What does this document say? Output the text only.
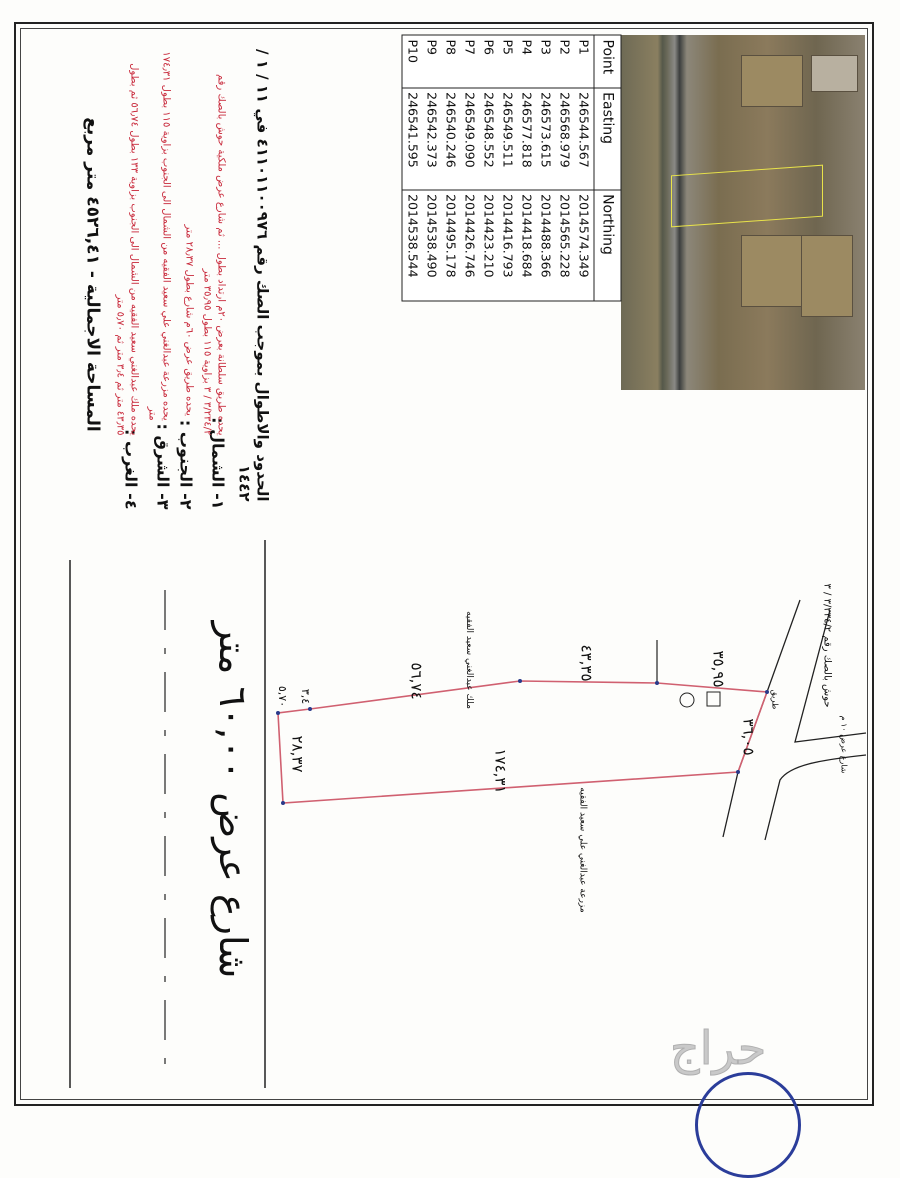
Point	Easting	Northing
P1	246544.567	2014574.349
P2	246568.979	2014565.228
P3	246573.615	2014488.366
P4	246577.818	2014418.684
P5	246549.511	2014416.793
P6	246548.552	2014423.210
P7	246549.090	2014426.746
P8	246540.246	2014495.178
P9	246542.373	2014538.490
P10	246541.595	2014538.544
الحدود والاطوال بموجب الصك رقم ٤١١٠١١٠٠٩٧٦ في ١١ / ١ / ١٤٤٢
١- الشمال :
يحده طريق سلطانة بعرض ٢٠م ارتداد بطول ... ثم شارع عرض ملكية حوش بالصك رقم ٣/٢٣٤/٢ / ٣ بزاوية ١١٥ بطول ٣٥٫٩٥ متر
٢- الجنوب :
يحده طريق عرض ٦٠م شارع بطول ٢٨٫٣٧ متر
٣- الشرق :
يحده مزرعة عبدالغني علي سعيد الفقيه من الشمال الى الجنوب بزاوية ١١٥ بطول ١٧٤٫٣١ متر
٤- الغرب :
يحده ملك عبدالغني سعيد الفقيه من الشمال الى الجنوب بزاوية ١٣٣ بطول ٥٦٫٧٤ ثم بطول ٤٣٫٣٥ متر ثم ٣٫٤ متر ثم ٥٫٧٠ متر
المساحة الاجمالية - ٤٥٢٦,٤١ متر مربع
٣٥,٩٥
٤٣,٣٥
٥٦,٧٤
٣,٤
٥,٧٠
٢٨,٣٧	١٧٤,٣١
٣٦,٠٥
ملك عبدالغني سعيد الفقيه
مزرعة عبدالغني علي سعيد الفقيه
حوش بالصك رقم ٣/٢٣٤/٢ / ٣
طريق
شارع عرض ١٠ م
شارع عرض ٦٠,٠٠ متر
حراج
